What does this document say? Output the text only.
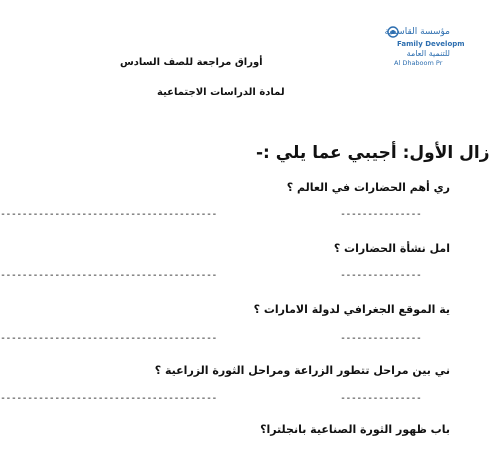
مؤسسة القاسمية
Family Developm
للتنمية العامة
Al Dhaboom Pr
أوراق مراجعة للصف السادس
لمادة الدراسات الاجتماعية
زال الأول: أجيبي عما يلي :-
ري أهم الحضارات في العالم ؟
----------------------------------------	---------------
امل نشأة الحضارات ؟
----------------------------------------	---------------
ية الموقع الجغرافي لدولة الامارات ؟
----------------------------------------	---------------
ني بين مراحل تتطور الزراعة ومراحل الثورة الزراعية ؟
----------------------------------------	---------------
باب ظهور الثورة الصناعية بانجلترا؟
